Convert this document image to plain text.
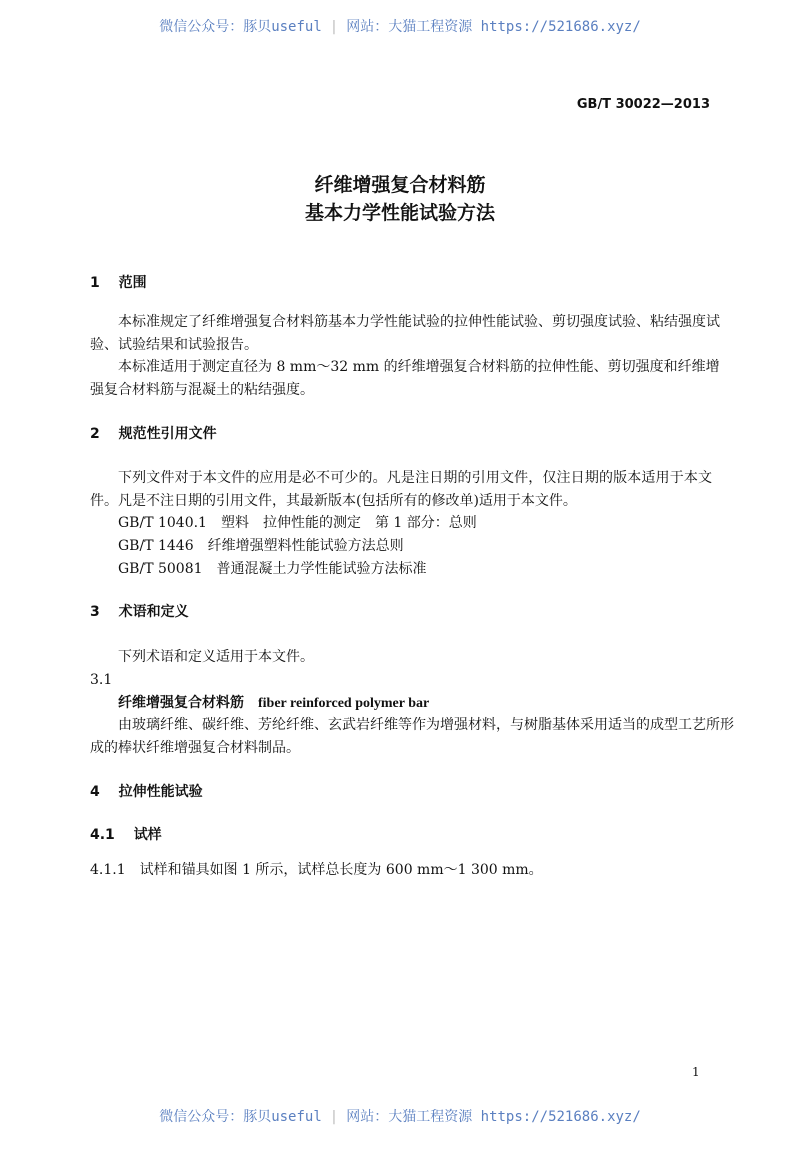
微信公众号：豚贝useful | 网站：大猫工程资源 https://521686.xyz/
GB/T 30022—2013
纤维增强复合材料筋
基本力学性能试验方法
1　 范围
本标准规定了纤维增强复合材料筋基本力学性能试验的拉伸性能试验、剪切强度试验、粘结强度试
验、试验结果和试验报告。
本标准适用于测定直径为 8 mm～32 mm 的纤维增强复合材料筋的拉伸性能、剪切强度和纤维增
强复合材料筋与混凝土的粘结强度。
2　 规范性引用文件
下列文件对于本文件的应用是必不可少的。凡是注日期的引用文件，仅注日期的版本适用于本文
件。凡是不注日期的引用文件，其最新版本(包括所有的修改单)适用于本文件。
GB/T 1040.1　 塑料　拉伸性能的测定　第 1 部分：总则
GB/T 1446　 纤维增强塑料性能试验方法总则
GB/T 50081　 普通混凝土力学性能试验方法标准
3　 术语和定义
下列术语和定义适用于本文件。
3.1
纤维增强复合材料筋　 fiber reinforced polymer bar
由玻璃纤维、碳纤维、芳纶纤维、玄武岩纤维等作为增强材料，与树脂基体采用适当的成型工艺所形
成的棒状纤维增强复合材料制品。
4　 拉伸性能试验
4.1　 试样
4.1.1　 试样和锚具如图 1 所示，试样总长度为 600 mm～1 300 mm。
1
微信公众号：豚贝useful | 网站：大猫工程资源 https://521686.xyz/
